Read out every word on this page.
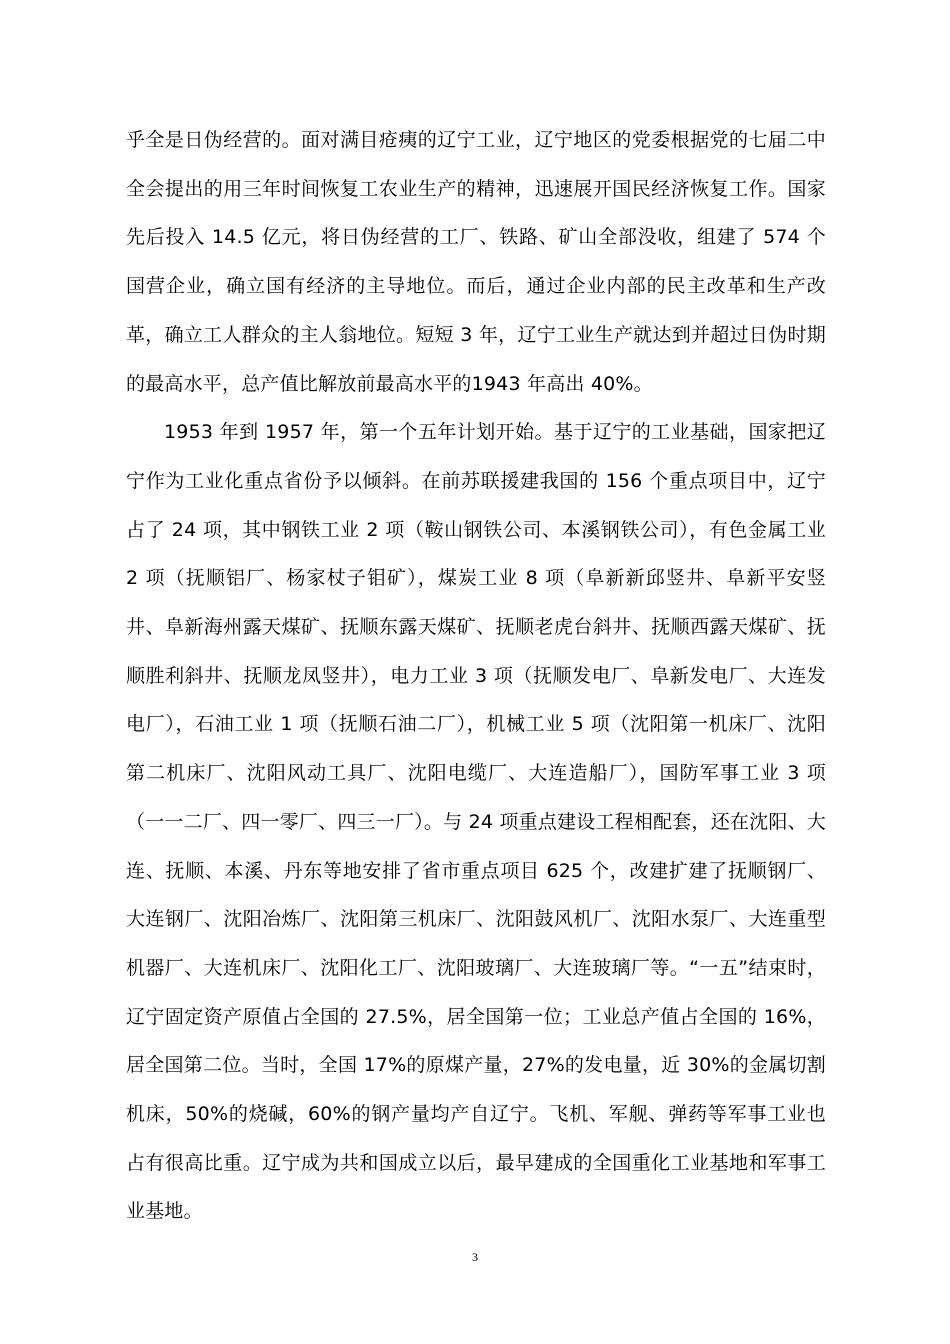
乎全是日伪经营的。面对满目疮痍的辽宁工业，辽宁地区的党委根据党的七届二中全会提出的用三年时间恢复工农业生产的精神，迅速展开国民经济恢复工作。国家先后投入 14.5 亿元，将日伪经营的工厂、铁路、矿山全部没收，组建了 574 个国营企业，确立国有经济的主导地位。而后，通过企业内部的民主改革和生产改革，确立工人群众的主人翁地位。短短 3 年，辽宁工业生产就达到并超过日伪时期的最高水平，总产值比解放前最高水平的1943 年高出 40%。

1953 年到 1957 年，第一个五年计划开始。基于辽宁的工业基础，国家把辽宁作为工业化重点省份予以倾斜。在前苏联援建我国的 156 个重点项目中，辽宁占了 24 项，其中钢铁工业 2 项（鞍山钢铁公司、本溪钢铁公司），有色金属工业 2 项（抚顺铝厂、杨家杖子钼矿），煤炭工业 8 项（阜新新邱竖井、阜新平安竖井、阜新海州露天煤矿、抚顺东露天煤矿、抚顺老虎台斜井、抚顺西露天煤矿、抚顺胜利斜井、抚顺龙凤竖井），电力工业 3 项（抚顺发电厂、阜新发电厂、大连发电厂），石油工业 1 项（抚顺石油二厂），机械工业 5 项（沈阳第一机床厂、沈阳第二机床厂、沈阳风动工具厂、沈阳电缆厂、大连造船厂），国防军事工业 3 项（一一二厂、四一零厂、四三一厂）。与 24 项重点建设工程相配套，还在沈阳、大连、抚顺、本溪、丹东等地安排了省市重点项目 625 个，改建扩建了抚顺钢厂、大连钢厂、沈阳冶炼厂、沈阳第三机床厂、沈阳鼓风机厂、沈阳水泵厂、大连重型机器厂、大连机床厂、沈阳化工厂、沈阳玻璃厂、大连玻璃厂等。“一五”结束时，辽宁固定资产原值占全国的 27.5%，居全国第一位；工业总产值占全国的 16%，居全国第二位。当时，全国 17%的原煤产量，27%的发电量，近 30%的金属切割机床，50%的烧碱，60%的钢产量均产自辽宁。飞机、军舰、弹药等军事工业也占有很高比重。辽宁成为共和国成立以后，最早建成的全国重化工业基地和军事工业基地。

3
